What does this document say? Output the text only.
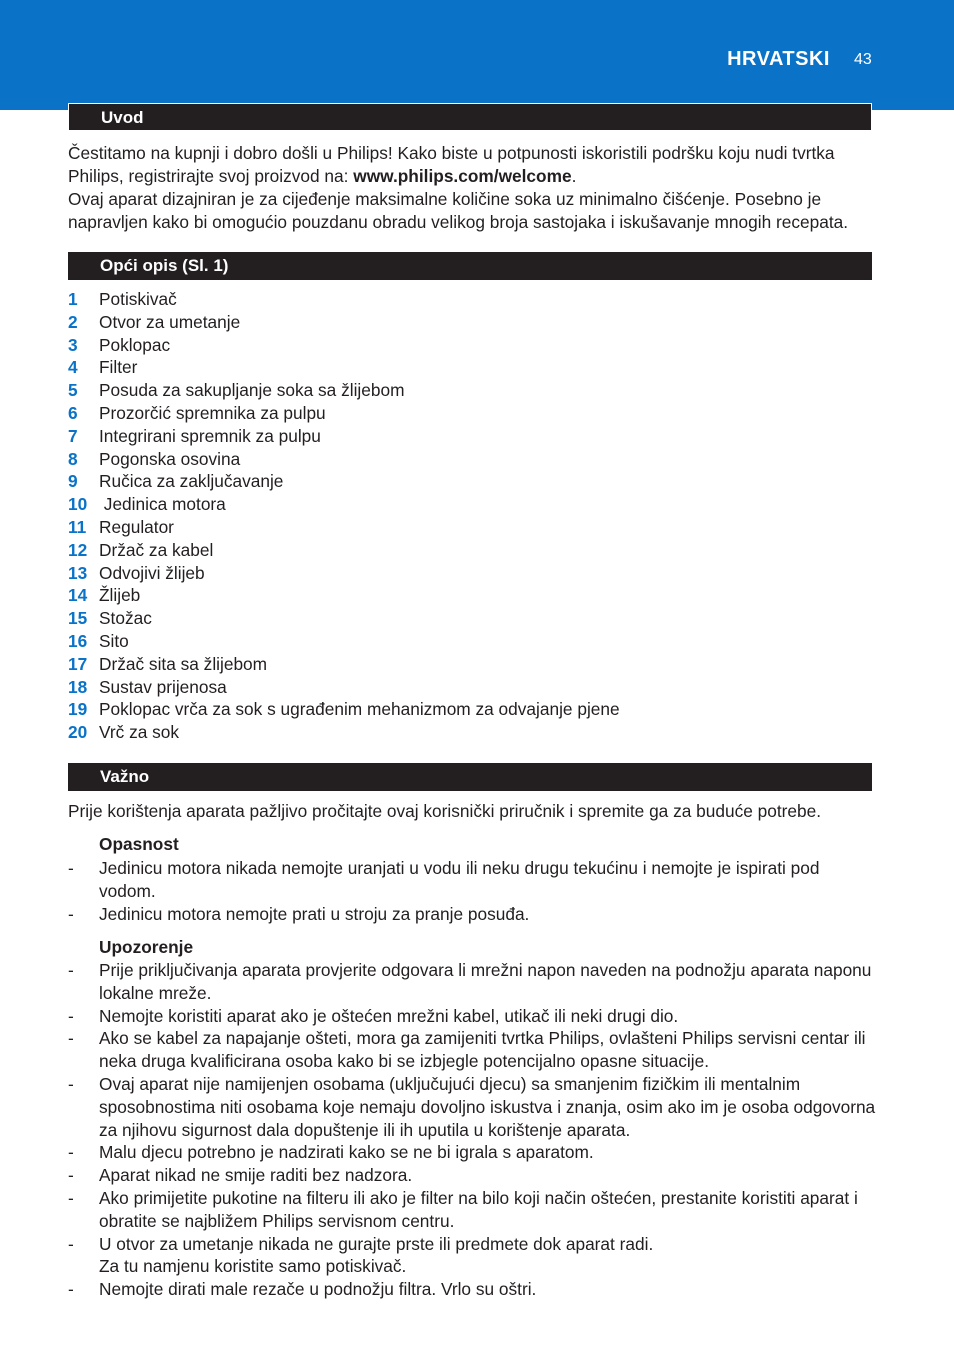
HRVATSKI 43
Uvod

Čestitamo na kupnji i dobro došli u Philips! Kako biste u potpunosti iskoristili podršku koju nudi tvrtka Philips, registrirajte svoj proizvod na: www.philips.com/welcome.

Ovaj aparat dizajniran je za cijeđenje maksimalne količine soka uz minimalno čišćenje. Posebno je napravljen kako bi omogućio pouzdanu obradu velikog broja sastojaka i iskušavanje mnogih recepata.

Opći opis (Sl. 1)
1 Potiskivač
2 Otvor za umetanje
3 Poklopac
4 Filter
5 Posuda za sakupljanje soka sa žlijebom
6 Prozorčić spremnika za pulpu
7 Integrirani spremnik za pulpu
8 Pogonska osovina
9 Ručica za zaključavanje
10 Jedinica motora
11 Regulator
12 Držač za kabel
13 Odvojivi žlijeb
14 Žlijeb
15 Stožac
16 Sito
17 Držač sita sa žlijebom
18 Sustav prijenosa
19 Poklopac vrča za sok s ugrađenim mehanizmom za odvajanje pjene
20 Vrč za sok
Važno

Prije korištenja aparata pažljivo pročitajte ovaj korisnički priručnik i spremite ga za buduće potrebe.

Opasnost
- Jedinicu motora nikada nemojte uranjati u vodu ili neku drugu tekućinu i nemojte je ispirati pod vodom.
- Jedinicu motora nemojte prati u stroju za pranje posuđa.
Upozorenje
- Prije priključivanja aparata provjerite odgovara li mrežni napon naveden na podnožju aparata naponu lokalne mreže.
- Nemojte koristiti aparat ako je oštećen mrežni kabel, utikač ili neki drugi dio.
- Ako se kabel za napajanje ošteti, mora ga zamijeniti tvrtka Philips, ovlašteni Philips servisni centar ili neka druga kvalificirana osoba kako bi se izbjegle potencijalno opasne situacije.
- Ovaj aparat nije namijenjen osobama (uključujući djecu) sa smanjenim fizičkim ili mentalnim sposobnostima niti osobama koje nemaju dovoljno iskustva i znanja, osim ako im je osoba odgovorna za njihovu sigurnost dala dopuštenje ili ih uputila u korištenje aparata.
- Malu djecu potrebno je nadzirati kako se ne bi igrala s aparatom.
- Aparat nikad ne smije raditi bez nadzora.
- Ako primijetite pukotine na filteru ili ako je filter na bilo koji način oštećen, prestanite koristiti aparat i obratite se najbližem Philips servisnom centru.
- U otvor za umetanje nikada ne gurajte prste ili predmete dok aparat radi.
Za tu namjenu koristite samo potiskivač.
- Nemojte dirati male rezače u podnožju filtra. Vrlo su oštri.
